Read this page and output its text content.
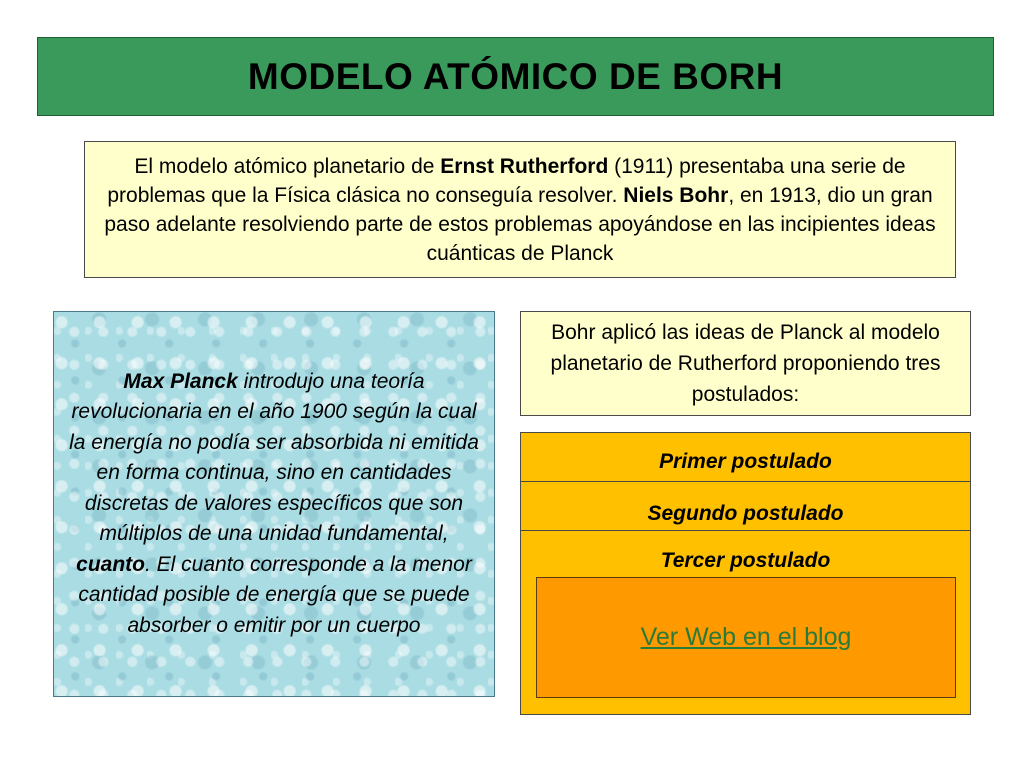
MODELO ATÓMICO DE BORH

El modelo atómico planetario de Ernst Rutherford (1911) presentaba una serie de problemas que la Física clásica no conseguía resolver. Niels Bohr, en 1913, dio un gran paso adelante resolviendo parte de estos problemas apoyándose en las incipientes ideas cuánticas de Planck

Max Planck introdujo una teoría revolucionaria en el año 1900 según la cual la energía no podía ser absorbida ni emitida en forma continua, sino en cantidades discretas de valores específicos que son múltiplos de una unidad fundamental, cuanto. El cuanto corresponde a la menor cantidad posible de energía que se puede absorber o emitir por un cuerpo

Bohr aplicó las ideas de Planck al modelo planetario de Rutherford proponiendo tres postulados:

Tercer postulado
Segundo postulado
Primer postulado
Ver Web en el blog
